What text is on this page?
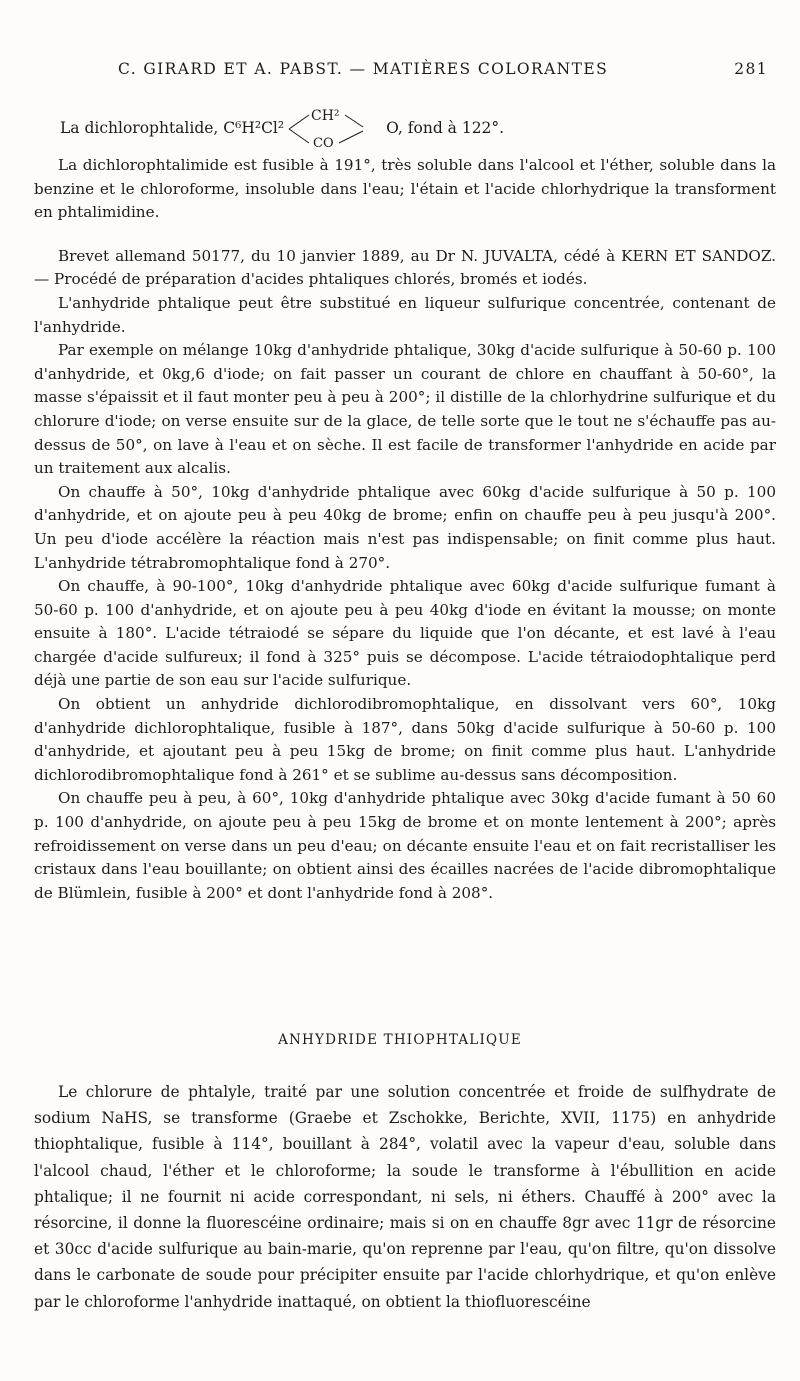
C. GIRARD ET A. PABST. — MATIÈRES COLORANTES	281
La dichlorophtalide, C⁶H²Cl²
CH²
CO
O, fond à 122°.

La dichlorophtalimide est fusible à 191°, très soluble dans l'alcool et l'éther, soluble dans la benzine et le chloroforme, insoluble dans l'eau; l'étain et l'acide chlorhydrique la transforment en phtalimidine.

Brevet allemand 50177, du 10 janvier 1889, au Dr N. JUVALTA, cédé à KERN ET SANDOZ. — Procédé de préparation d'acides phtaliques chlorés, bromés et iodés.

L'anhydride phtalique peut être substitué en liqueur sulfurique concentrée, contenant de l'anhydride.

Par exemple on mélange 10kg d'anhydride phtalique, 30kg d'acide sulfurique à 50-60 p. 100 d'anhydride, et 0kg,6 d'iode; on fait passer un courant de chlore en chauffant à 50-60°, la masse s'épaissit et il faut monter peu à peu à 200°; il distille de la chlorhydrine sulfurique et du chlorure d'iode; on verse ensuite sur de la glace, de telle sorte que le tout ne s'échauffe pas au-dessus de 50°, on lave à l'eau et on sèche. Il est facile de transformer l'anhydride en acide par un traitement aux alcalis.

On chauffe à 50°, 10kg d'anhydride phtalique avec 60kg d'acide sulfurique à 50 p. 100 d'anhydride, et on ajoute peu à peu 40kg de brome; enfin on chauffe peu à peu jusqu'à 200°. Un peu d'iode accélère la réaction mais n'est pas indispensable; on finit comme plus haut. L'anhydride tétrabromophtalique fond à 270°.

On chauffe, à 90-100°, 10kg d'anhydride phtalique avec 60kg d'acide sulfurique fumant à 50-60 p. 100 d'anhydride, et on ajoute peu à peu 40kg d'iode en évitant la mousse; on monte ensuite à 180°. L'acide tétraiodé se sépare du liquide que l'on décante, et est lavé à l'eau chargée d'acide sulfureux; il fond à 325° puis se décompose. L'acide tétraiodophtalique perd déjà une partie de son eau sur l'acide sulfurique.

On obtient un anhydride dichlorodibromophtalique, en dissolvant vers 60°, 10kg d'anhydride dichlorophtalique, fusible à 187°, dans 50kg d'acide sulfurique à 50-60 p. 100 d'anhydride, et ajoutant peu à peu 15kg de brome; on finit comme plus haut. L'anhydride dichlorodibromophtalique fond à 261° et se sublime au-dessus sans décomposition.

On chauffe peu à peu, à 60°, 10kg d'anhydride phtalique avec 30kg d'acide fumant à 50 60 p. 100 d'anhydride, on ajoute peu à peu 15kg de brome et on monte lentement à 200°; après refroidissement on verse dans un peu d'eau; on décante ensuite l'eau et on fait recristalliser les cristaux dans l'eau bouillante; on obtient ainsi des écailles nacrées de l'acide dibromophtalique de Blümlein, fusible à 200° et dont l'anhydride fond à 208°.

ANHYDRIDE THIOPHTALIQUE

Le chlorure de phtalyle, traité par une solution concentrée et froide de sulfhydrate de sodium NaHS, se transforme (Graebe et Zschokke, Berichte, XVII, 1175) en anhydride thiophtalique, fusible à 114°, bouillant à 284°, volatil avec la vapeur d'eau, soluble dans l'alcool chaud, l'éther et le chloroforme; la soude le transforme à l'ébullition en acide phtalique; il ne fournit ni acide correspondant, ni sels, ni éthers. Chauffé à 200° avec la résorcine, il donne la fluorescéine ordinaire; mais si on en chauffe 8gr avec 11gr de résorcine et 30cc d'acide sulfurique au bain-marie, qu'on reprenne par l'eau, qu'on filtre, qu'on dissolve dans le carbonate de soude pour précipiter ensuite par l'acide chlorhydrique, et qu'on enlève par le chloroforme l'anhydride inattaqué, on obtient la thiofluorescéine
